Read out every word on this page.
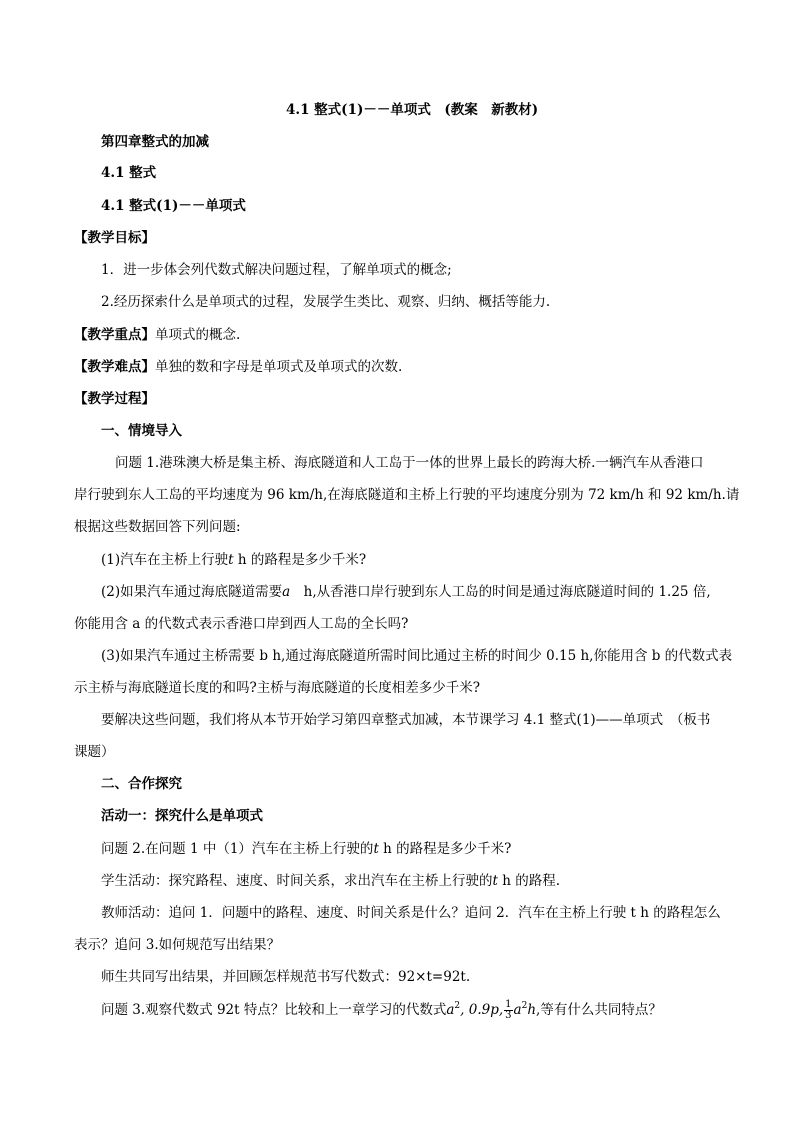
4.1 整式(1)－－单项式　(教案　新教材)
第四章整式的加减
4.1 整式
4.1 整式(1)－－单项式
【教学目标】
1．进一步体会列代数式解决问题过程，了解单项式的概念;
2.经历探索什么是单项式的过程，发展学生类比、观察、归纳、概括等能力.
【教学重点】单项式的概念.
【教学难点】单独的数和字母是单项式及单项式的次数.
【教学过程】
一、情境导入
问题 1.港珠澳大桥是集主桥、海底隧道和人工岛于一体的世界上最长的跨海大桥.一辆汽车从香港口
岸行驶到东人工岛的平均速度为 96 km/h,在海底隧道和主桥上行驶的平均速度分别为 72 km/h 和 92 km/h.请
根据这些数据回答下列问题:
(1)汽车在主桥上行驶t h 的路程是多少千米?
(2)如果汽车通过海底隧道需要a　h,从香港口岸行驶到东人工岛的时间是通过海底隧道时间的 1.25 倍,
你能用含 a 的代数式表示香港口岸到西人工岛的全长吗?
(3)如果汽车通过主桥需要 b h,通过海底隧道所需时间比通过主桥的时间少 0.15 h,你能用含 b 的代数式表
示主桥与海底隧道长度的和吗?主桥与海底隧道的长度相差多少千米?
要解决这些问题，我们将从本节开始学习第四章整式加减，本节课学习 4.1 整式(1)——单项式　（板书
课题）
二、合作探究
活动一：探究什么是单项式
问题 2.在问题 1 中（1）汽车在主桥上行驶的t h 的路程是多少千米?
学生活动：探究路程、速度、时间关系，求出汽车在主桥上行驶的t h 的路程.
教师活动：追问 1．问题中的路程、速度、时间关系是什么？追问 2．汽车在主桥上行驶 t h 的路程怎么
表示？追问 3.如何规范写出结果？
师生共同写出结果，并回顾怎样规范书写代数式：92×t=92t.
问题 3.观察代数式 92t 特点？比较和上一章学习的代数式$a^2$, 0.9p, $\frac{1}{3} a^2h$,等有什么共同特点？
